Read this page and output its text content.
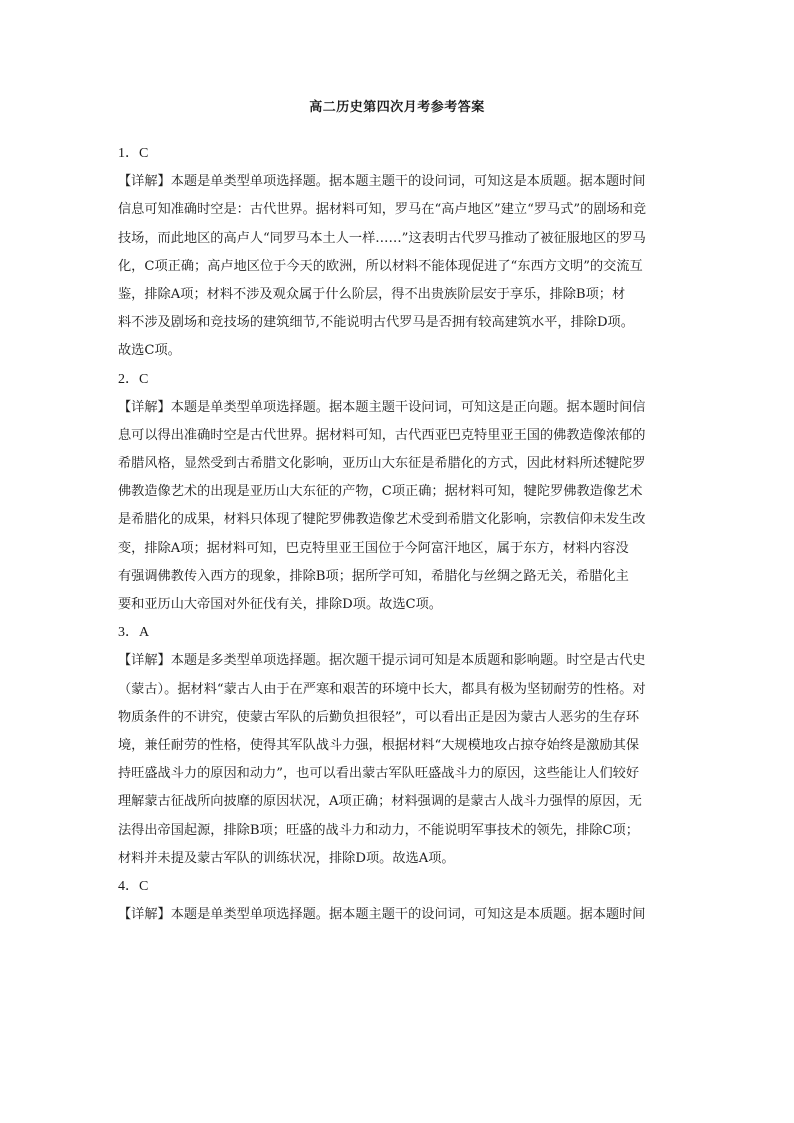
高二历史第四次月考参考答案
1．C
【详解】本题是单类型单项选择题。据本题主题干的设问词，可知这是本质题。据本题时间
信息可知准确时空是：古代世界。据材料可知，罗马在“高卢地区”建立“罗马式”的剧场和竞
技场，而此地区的高卢人“同罗马本土人一样……”这表明古代罗马推动了被征服地区的罗马
化，C项正确；高卢地区位于今天的欧洲，所以材料不能体现促进了“东西方文明”的交流互
鉴，排除A项；材料不涉及观众属于什么阶层，得不出贵族阶层安于享乐，排除B项；材
料不涉及剧场和竞技场的建筑细节,不能说明古代罗马是否拥有较高建筑水平，排除D项。
故选C项。
2．C
【详解】本题是单类型单项选择题。据本题主题干设问词，可知这是正向题。据本题时间信
息可以得出准确时空是古代世界。据材料可知，古代西亚巴克特里亚王国的佛教造像浓郁的
希腊风格，显然受到古希腊文化影响，亚历山大东征是希腊化的方式，因此材料所述犍陀罗
佛教造像艺术的出现是亚历山大东征的产物，C项正确；据材料可知，犍陀罗佛教造像艺术
是希腊化的成果，材料只体现了犍陀罗佛教造像艺术受到希腊文化影响，宗教信仰未发生改
变，排除A项；据材料可知，巴克特里亚王国位于今阿富汗地区，属于东方，材料内容没
有强调佛教传入西方的现象，排除B项；据所学可知，希腊化与丝绸之路无关，希腊化主
要和亚历山大帝国对外征伐有关，排除D项。故选C项。
3．A
【详解】本题是多类型单项选择题。据次题干提示词可知是本质题和影响题。时空是古代史
（蒙古）。据材料“蒙古人由于在严寒和艰苦的环境中长大，都具有极为坚韧耐劳的性格。对
物质条件的不讲究，使蒙古军队的后勤负担很轻”，可以看出正是因为蒙古人恶劣的生存环
境，兼任耐劳的性格，使得其军队战斗力强，根据材料“大规模地攻占掠夺始终是激励其保
持旺盛战斗力的原因和动力”，也可以看出蒙古军队旺盛战斗力的原因，这些能让人们较好
理解蒙古征战所向披靡的原因状况，A项正确；材料强调的是蒙古人战斗力强悍的原因，无
法得出帝国起源，排除B项；旺盛的战斗力和动力，不能说明军事技术的领先，排除C项；
材料并未提及蒙古军队的训练状况，排除D项。故选A项。
4．C
【详解】本题是单类型单项选择题。据本题主题干的设问词，可知这是本质题。据本题时间
